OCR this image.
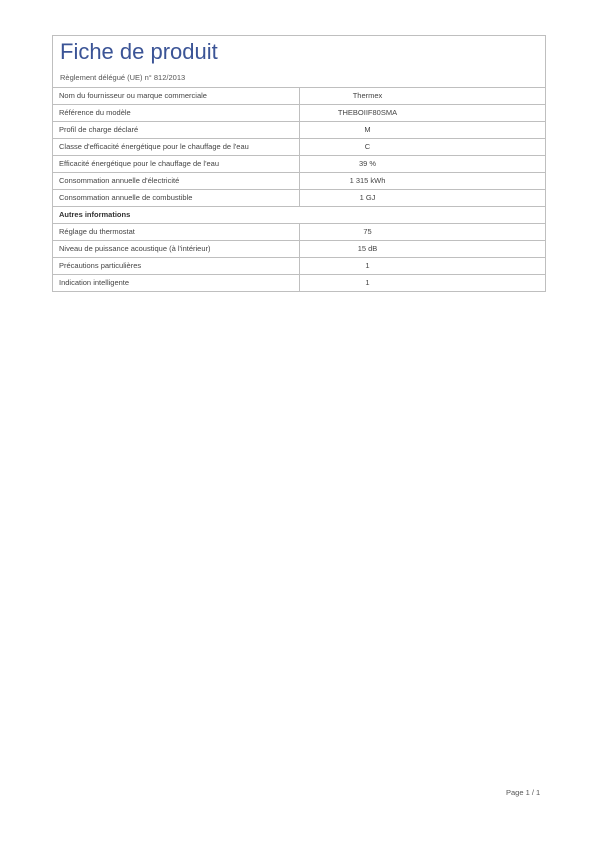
Fiche de produit
Règlement délégué (UE) n° 812/2013
Nom du fournisseur ou marque commerciale	Thermex
Référence du modèle	THEBOIIF80SMA
Profil de charge déclaré	M
Classe d'efficacité énergétique pour le chauffage de l'eau	C
Efficacité énergétique pour le chauffage de l'eau	39 %
Consommation annuelle d'électricité	1 315 kWh
Consommation annuelle de combustible	1 GJ
Autres informations	
Réglage du thermostat	75
Niveau de puissance acoustique (à l'intérieur)	15 dB
Précautions particulières	1
Indication intelligente	1
Page 1 / 1
